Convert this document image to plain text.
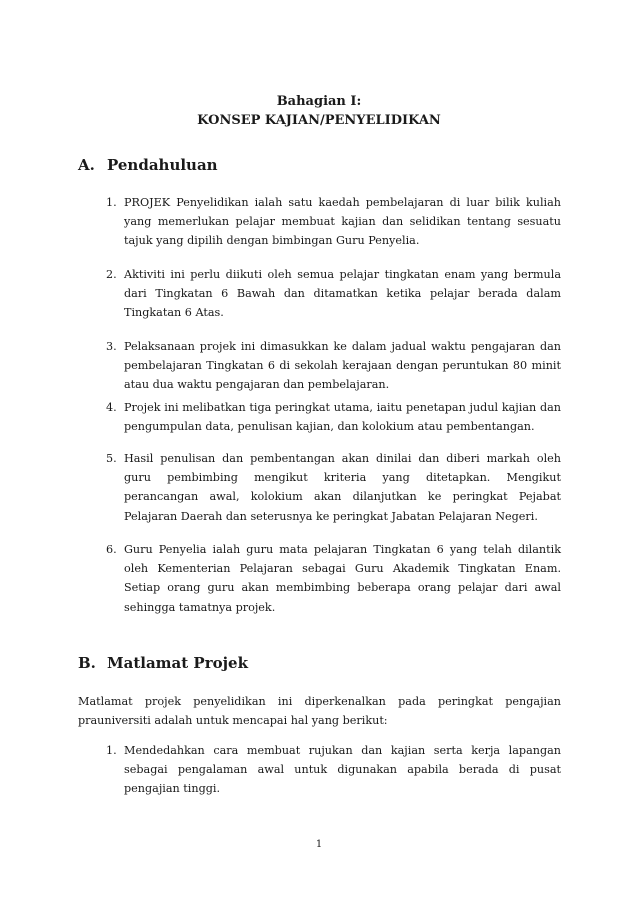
Bahagian I:
KONSEP KAJIAN/PENYELIDIKAN
A. Pendahuluan
1. PROJEK Penyelidikan ialah satu kaedah pembelajaran di luar bilik kuliah yang memerlukan pelajar membuat kajian dan selidikan tentang sesuatu tajuk yang dipilih dengan bimbingan Guru Penyelia.
2. Aktiviti ini perlu diikuti oleh semua pelajar tingkatan enam yang bermula dari Tingkatan 6 Bawah dan ditamatkan ketika pelajar berada dalam Tingkatan 6 Atas.
3. Pelaksanaan projek ini dimasukkan ke dalam jadual waktu pengajaran dan pembelajaran Tingkatan 6 di sekolah kerajaan dengan peruntukan 80 minit atau dua waktu pengajaran dan pembelajaran.
4. Projek ini melibatkan tiga peringkat utama, iaitu penetapan judul kajian dan pengumpulan data, penulisan kajian, dan kolokium atau pembentangan.
5. Hasil penulisan dan pembentangan akan dinilai dan diberi markah oleh guru pembimbing mengikut kriteria yang ditetapkan. Mengikut perancangan awal, kolokium akan dilanjutkan ke peringkat Pejabat Pelajaran Daerah dan seterusnya ke peringkat Jabatan Pelajaran Negeri.
6. Guru Penyelia ialah guru mata pelajaran Tingkatan 6 yang telah dilantik oleh Kementerian Pelajaran sebagai Guru Akademik Tingkatan Enam. Setiap orang guru akan membimbing beberapa orang pelajar dari awal sehingga tamatnya projek.
B. Matlamat Projek
Matlamat projek penyelidikan ini diperkenalkan pada peringkat pengajian prauniversiti adalah untuk mencapai hal yang berikut:
1. Mendedahkan cara membuat rujukan dan kajian serta kerja lapangan sebagai pengalaman awal untuk digunakan apabila berada di pusat pengajian tinggi.
1
